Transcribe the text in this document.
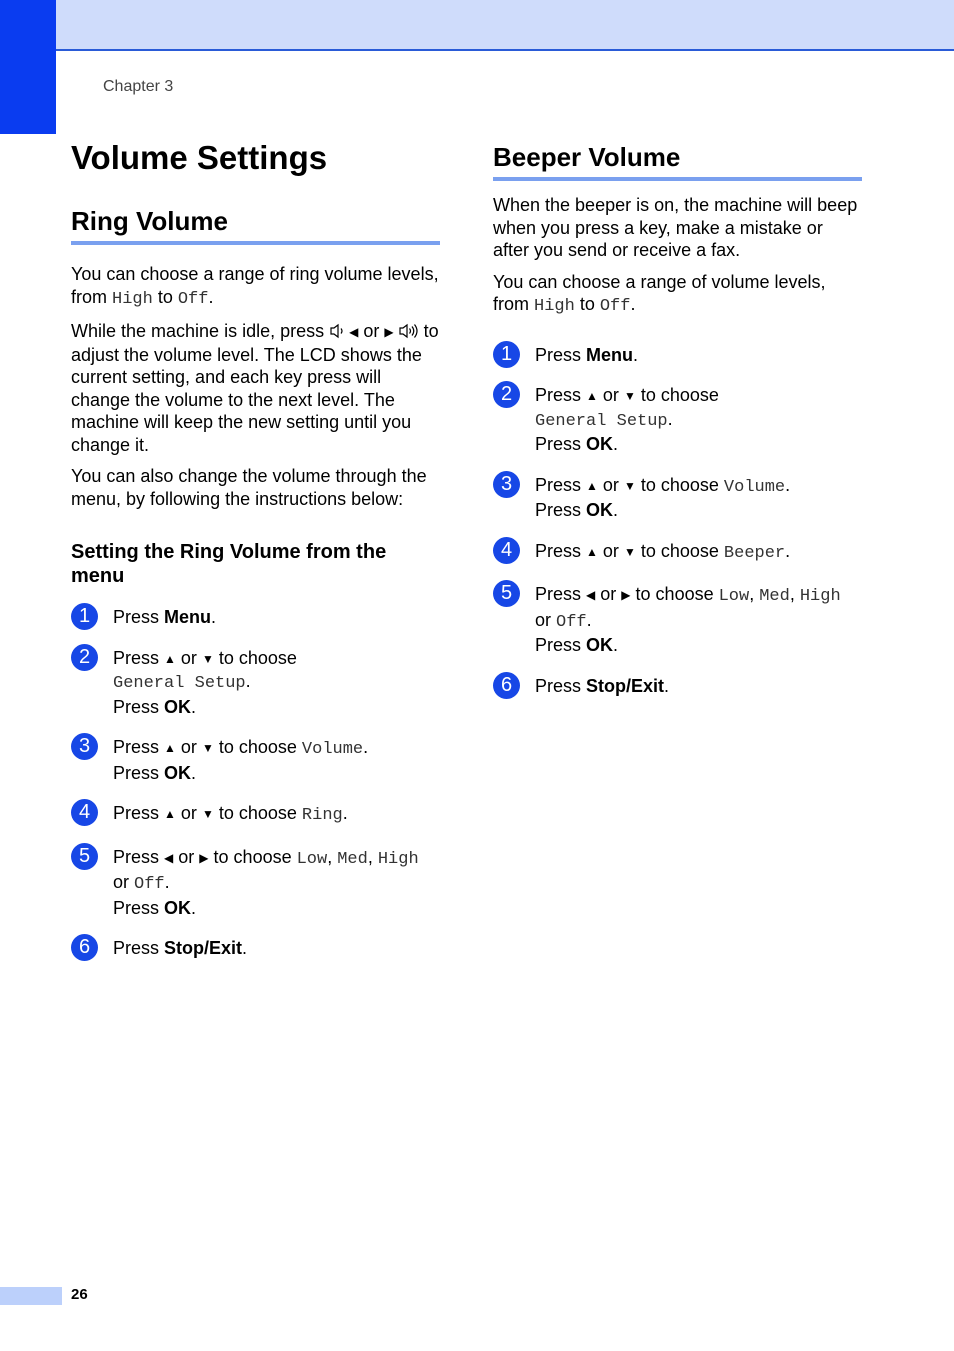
Chapter 3
Volume Settings
Ring Volume

You can choose a range of ring volume levels, from High to Off.

While the machine is idle, press ◀ or ▶  to adjust the volume level. The LCD shows the current setting, and each key press will change the volume to the next level. The machine will keep the new setting until you change it.

You can also change the volume through the menu, by following the instructions below:

Setting the Ring Volume from the menu
1	Press Menu.
2	Press ▲ or ▼ to choose
General Setup.
Press OK.
3	Press ▲ or ▼ to choose Volume.
Press OK.
4	Press ▲ or ▼ to choose Ring.
5	Press ◀ or ▶ to choose Low, Med, High
or Off.
Press OK.
6	Press Stop/Exit.
Beeper Volume

When the beeper is on, the machine will beep when you press a key, make a mistake or after you send or receive a fax.

You can choose a range of volume levels, from High to Off.

1	Press Menu.
2	Press ▲ or ▼ to choose
General Setup.
Press OK.
3	Press ▲ or ▼ to choose Volume.
Press OK.
4	Press ▲ or ▼ to choose Beeper.
5	Press ◀ or ▶ to choose Low, Med, High
or Off.
Press OK.
6	Press Stop/Exit.
26
